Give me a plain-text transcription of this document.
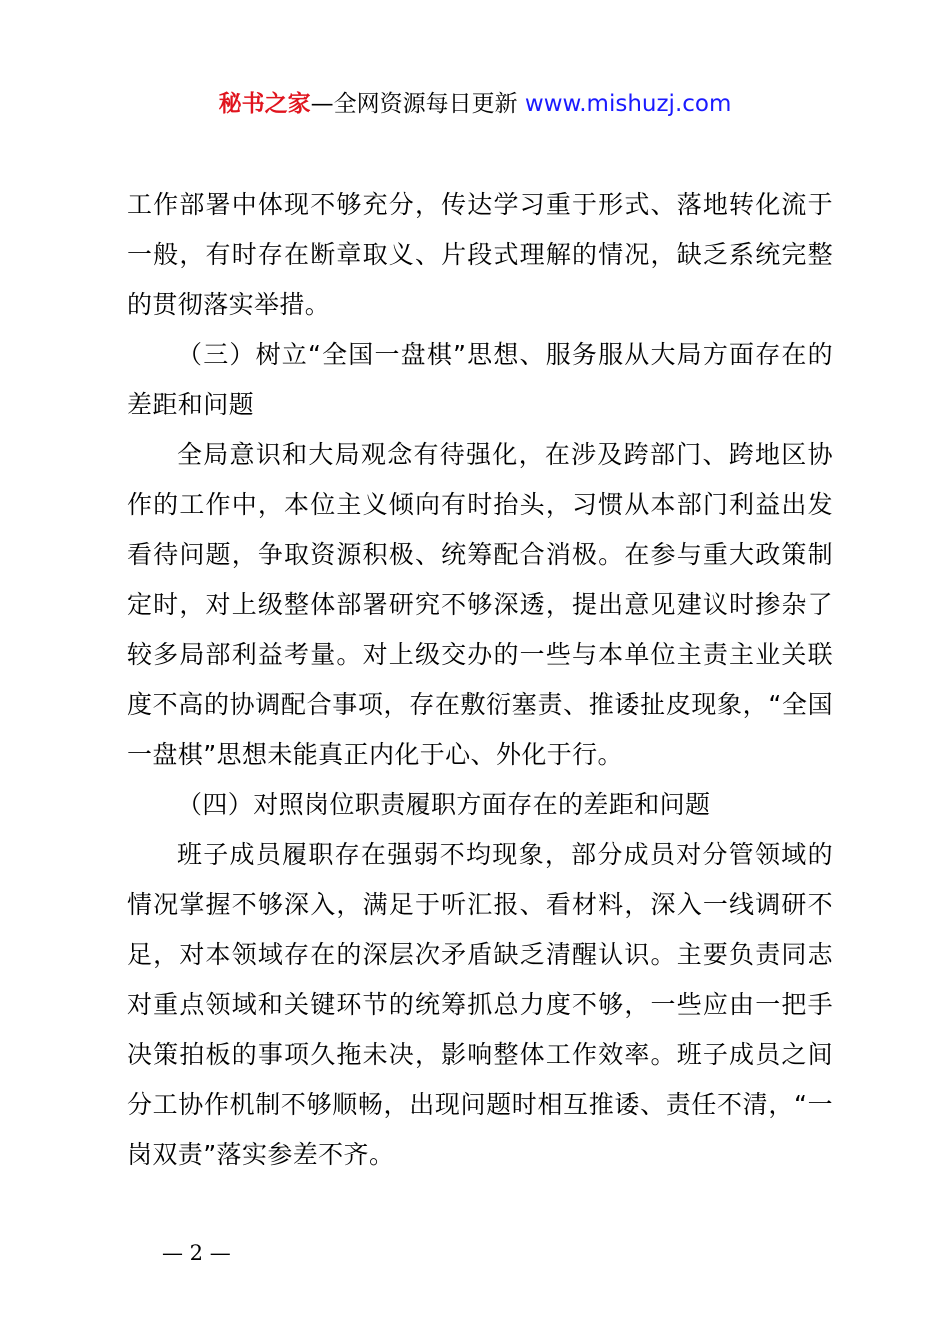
秘书之家—全网资源每日更新 www.mishuzj.com

工作部署中体现不够充分，传达学习重于形式、落地转化流于一般，有时存在断章取义、片段式理解的情况，缺乏系统完整的贯彻落实举措。

（三）树立“全国一盘棋”思想、服务服从大局方面存在的差距和问题

全局意识和大局观念有待强化，在涉及跨部门、跨地区协作的工作中，本位主义倾向有时抬头，习惯从本部门利益出发看待问题，争取资源积极、统筹配合消极。在参与重大政策制定时，对上级整体部署研究不够深透，提出意见建议时掺杂了较多局部利益考量。对上级交办的一些与本单位主责主业关联度不高的协调配合事项，存在敷衍塞责、推诿扯皮现象，“全国一盘棋”思想未能真正内化于心、外化于行。

（四）对照岗位职责履职方面存在的差距和问题

班子成员履职存在强弱不均现象，部分成员对分管领域的情况掌握不够深入，满足于听汇报、看材料，深入一线调研不足，对本领域存在的深层次矛盾缺乏清醒认识。主要负责同志对重点领域和关键环节的统筹抓总力度不够，一些应由一把手决策拍板的事项久拖未决，影响整体工作效率。班子成员之间分工协作机制不够顺畅，出现问题时相互推诿、责任不清，“一岗双责”落实参差不齐。

— 2 —
